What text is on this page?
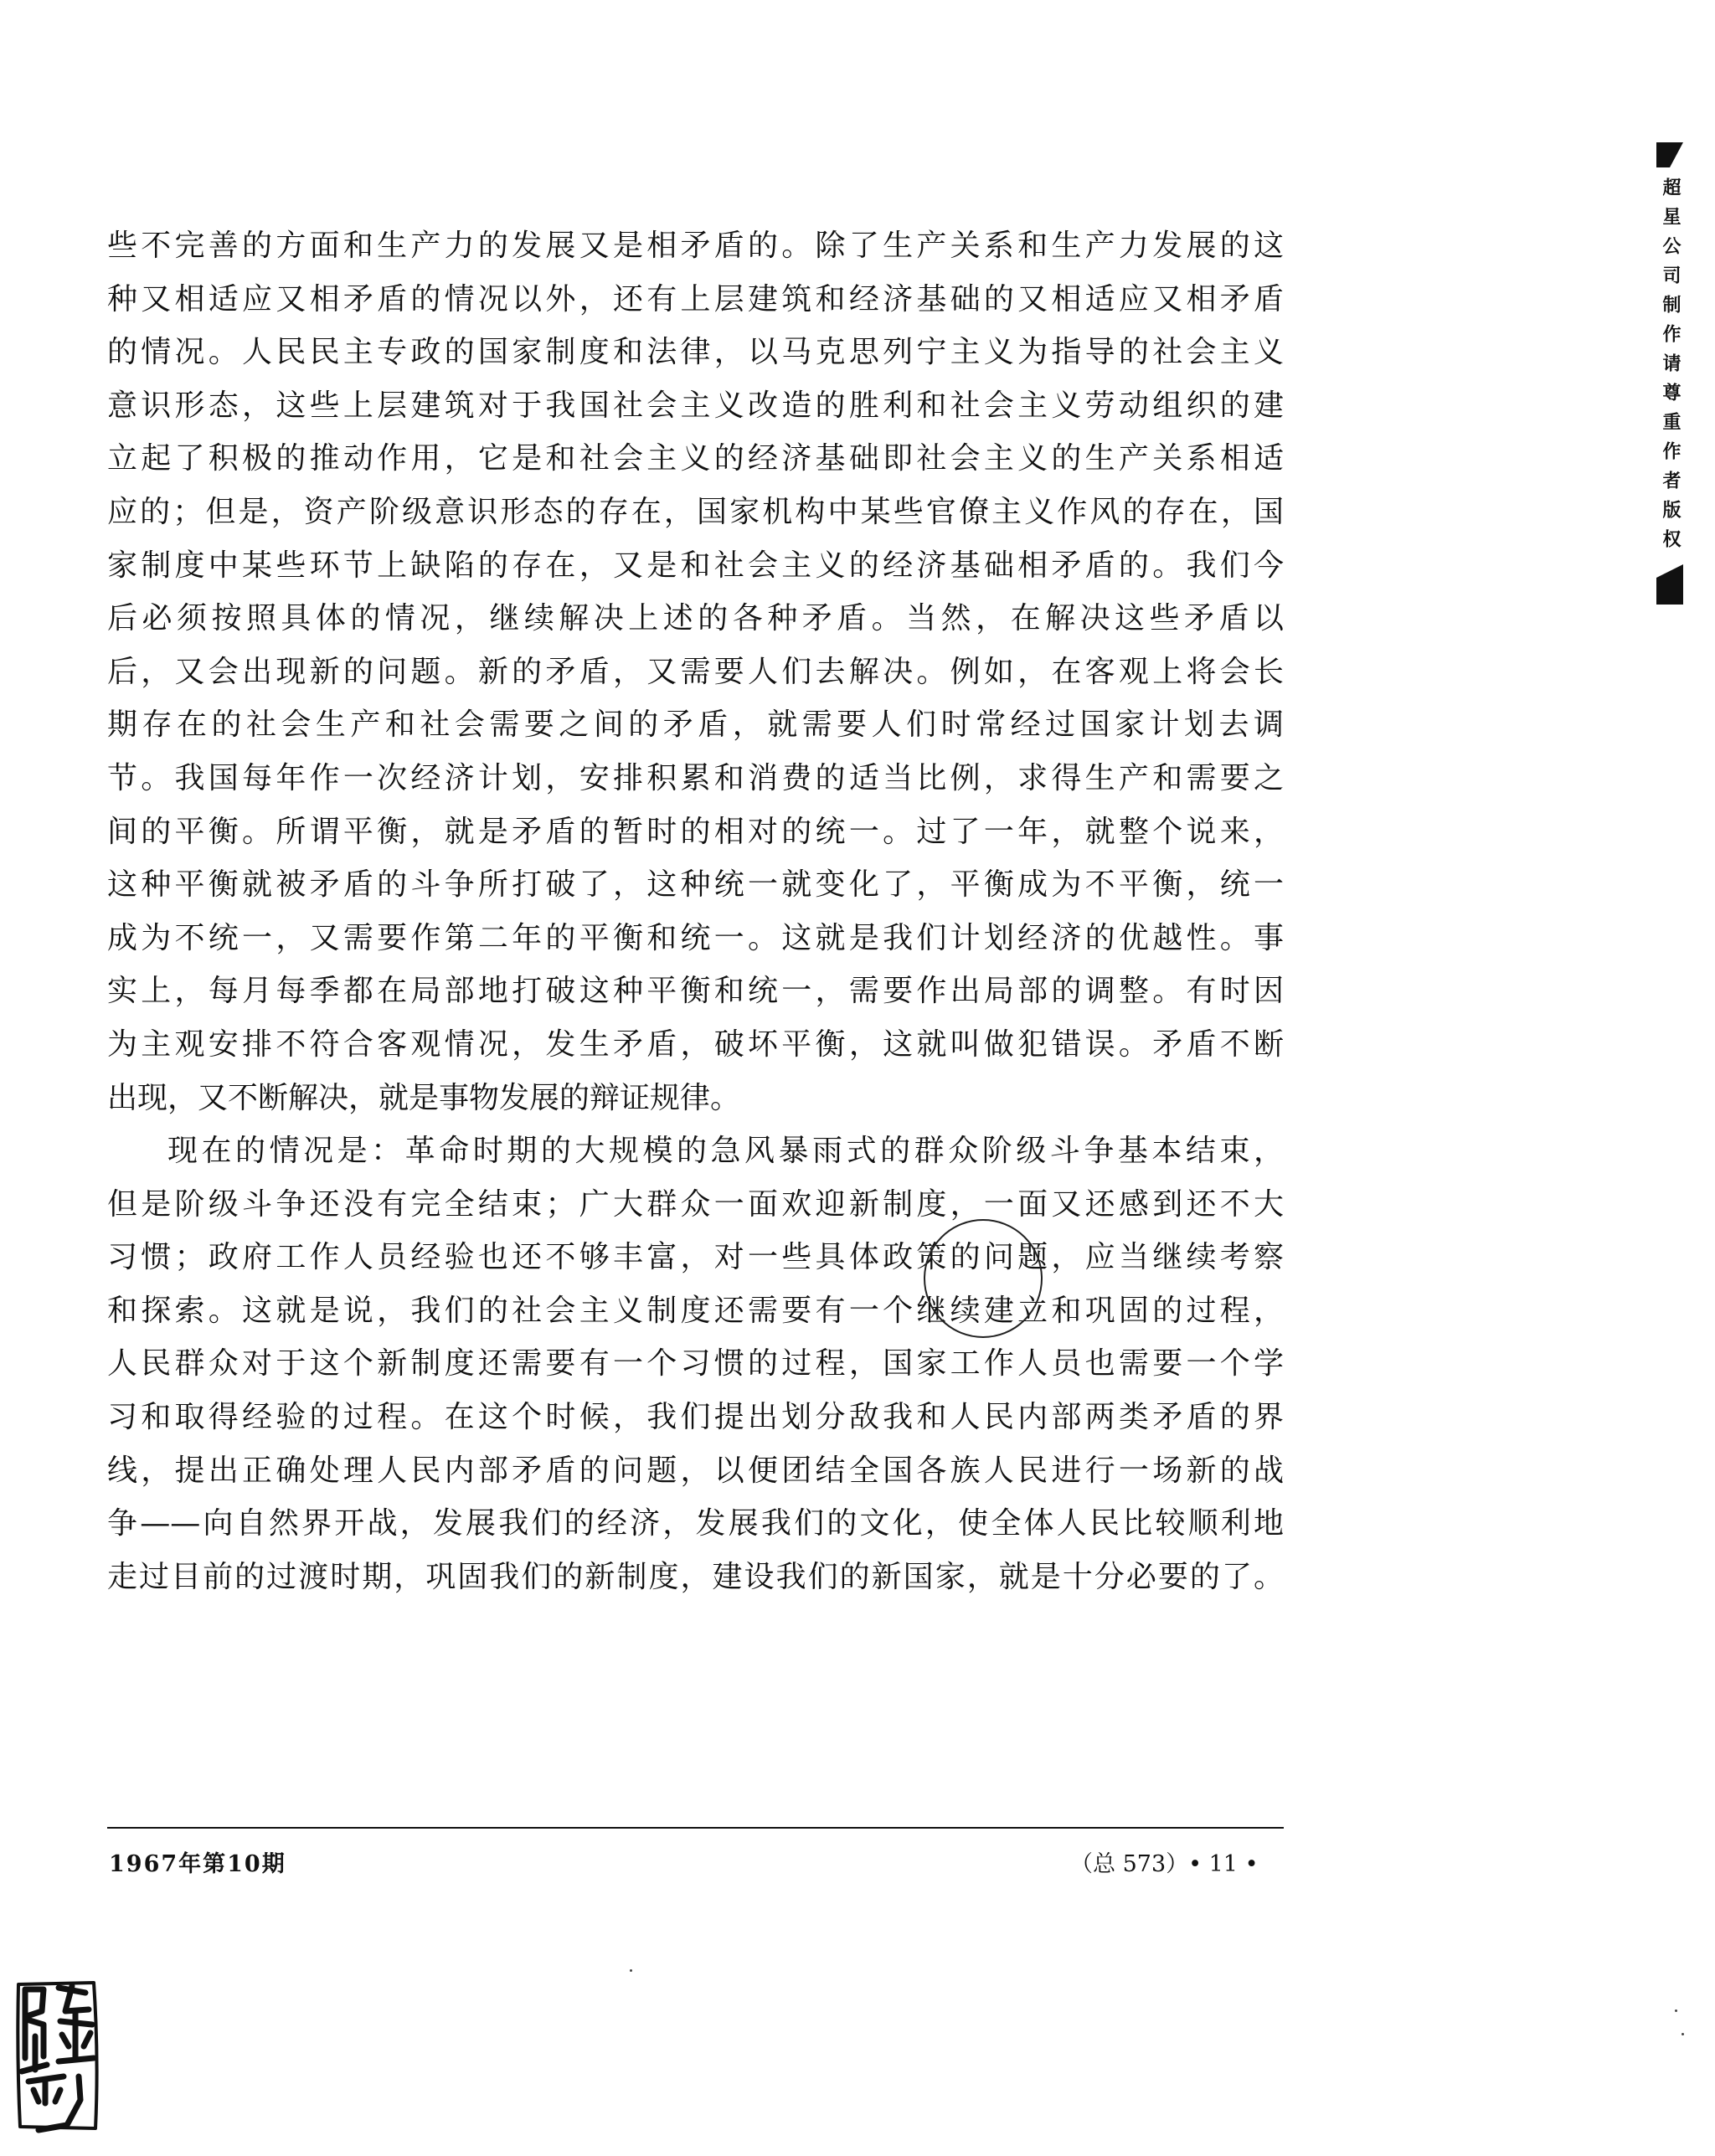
些不完善的方面和生产力的发展又是相矛盾的。除了生产关系和生产力发展的这
种又相适应又相矛盾的情况以外，还有上层建筑和经济基础的又相适应又相矛盾
的情况。人民民主专政的国家制度和法律，以马克思列宁主义为指导的社会主义
意识形态，这些上层建筑对于我国社会主义改造的胜利和社会主义劳动组织的建
立起了积极的推动作用，它是和社会主义的经济基础即社会主义的生产关系相适
应的；但是，资产阶级意识形态的存在，国家机构中某些官僚主义作风的存在，国
家制度中某些环节上缺陷的存在，又是和社会主义的经济基础相矛盾的。我们今
后必须按照具体的情况，继续解决上述的各种矛盾。当然，在解决这些矛盾以
后，又会出现新的问题。新的矛盾，又需要人们去解决。例如，在客观上将会长
期存在的社会生产和社会需要之间的矛盾，就需要人们时常经过国家计划去调
节。我国每年作一次经济计划，安排积累和消费的适当比例，求得生产和需要之
间的平衡。所谓平衡，就是矛盾的暂时的相对的统一。过了一年，就整个说来，
这种平衡就被矛盾的斗争所打破了，这种统一就变化了，平衡成为不平衡，统一
成为不统一，又需要作第二年的平衡和统一。这就是我们计划经济的优越性。事
实上，每月每季都在局部地打破这种平衡和统一，需要作出局部的调整。有时因
为主观安排不符合客观情况，发生矛盾，破坏平衡，这就叫做犯错误。矛盾不断
出现，又不断解决，就是事物发展的辩证规律。
现在的情况是：革命时期的大规模的急风暴雨式的群众阶级斗争基本结束，
但是阶级斗争还没有完全结束；广大群众一面欢迎新制度，一面又还感到还不大
习惯；政府工作人员经验也还不够丰富，对一些具体政策的问题，应当继续考察
和探索。这就是说，我们的社会主义制度还需要有一个继续建立和巩固的过程，
人民群众对于这个新制度还需要有一个习惯的过程，国家工作人员也需要一个学
习和取得经验的过程。在这个时候，我们提出划分敌我和人民内部两类矛盾的界
线，提出正确处理人民内部矛盾的问题，以便团结全国各族人民进行一场新的战
争——向自然界开战，发展我们的经济，发展我们的文化，使全体人民比较顺利地
走过目前的过渡时期，巩固我们的新制度，建设我们的新国家，就是十分必要的了。
1967年第10期	（总 573）• 11 •
超星公司制作请尊重作者版权
